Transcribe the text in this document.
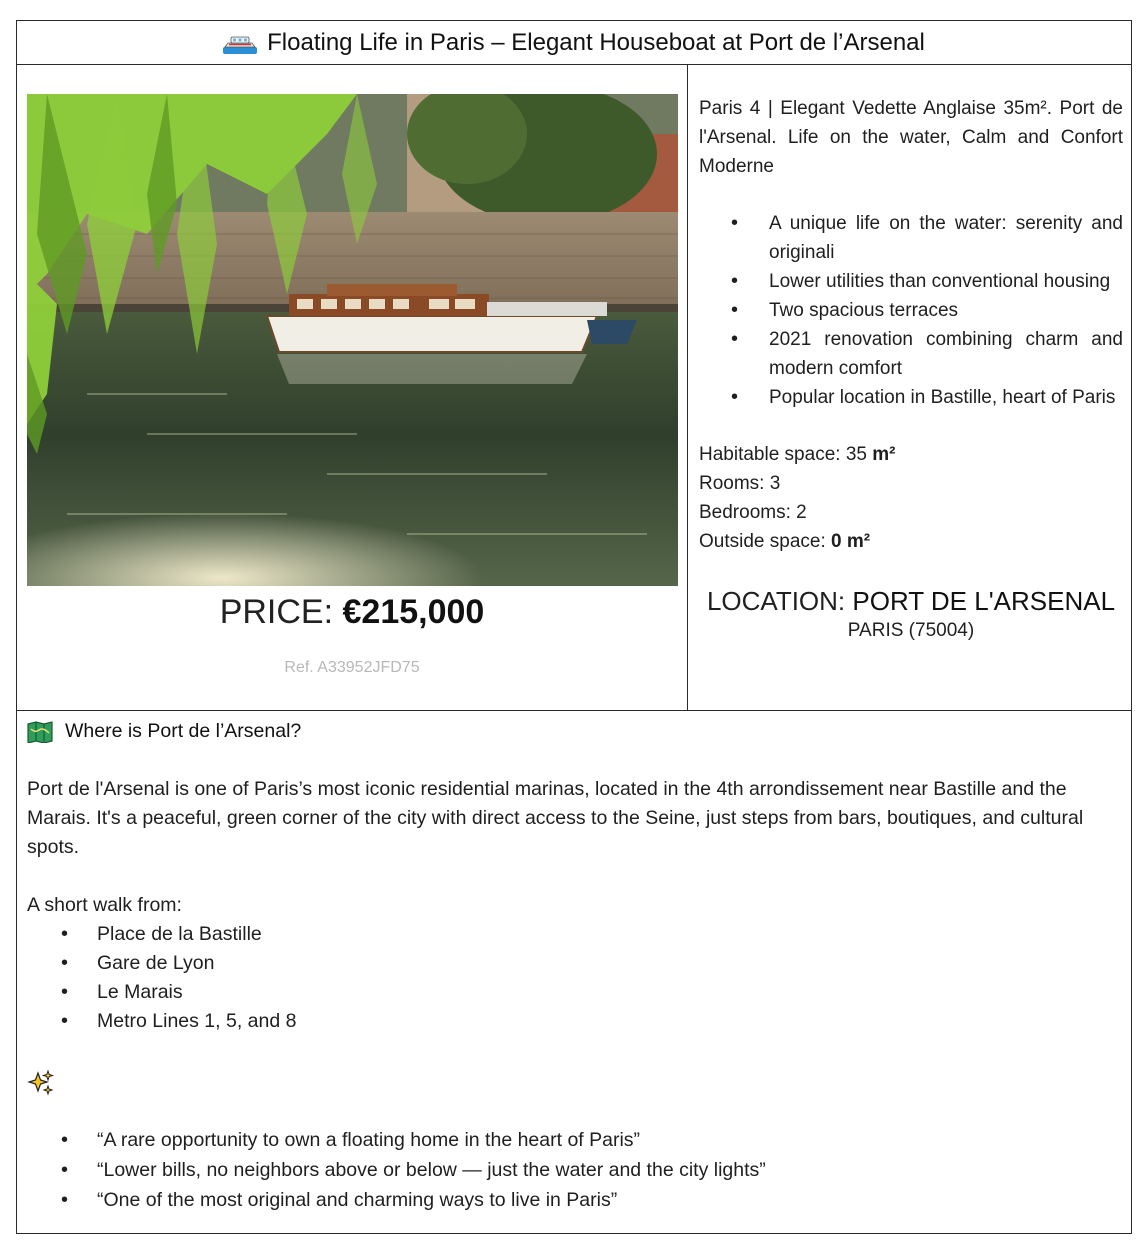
Floating Life in Paris – Elegant Houseboat at Port de l’Arsenal
PRICE: €215,000
Ref. A33952JFD75

Paris 4 | Elegant Vedette Anglaise 35m². Port de l'Arsenal. Life on the water, Calm and Confort Moderne

• A unique life on the water: serenity and originali
• Lower utilities than conventional housing
• Two spacious terraces
• 2021 renovation combining charm and modern comfort
• Popular location in Bastille, heart of Paris
Habitable space: 35 m²
Rooms: 3
Bedrooms: 2
Outside space: 0 m²
LOCATION: PORT DE L'ARSENAL
PARIS (75004)
Where is Port de l’Arsenal?

Port de l'Arsenal is one of Paris’s most iconic residential marinas, located in the 4th arrondissement near Bastille and the Marais. It's a peaceful, green corner of the city with direct access to the Seine, just steps from bars, boutiques, and cultural spots.

A short walk from:
• Place de la Bastille
• Gare de Lyon
• Le Marais
• Metro Lines 1, 5, and 8
• “A rare opportunity to own a floating home in the heart of Paris”
• “Lower bills, no neighbors above or below — just the water and the city lights”
• “One of the most original and charming ways to live in Paris”
